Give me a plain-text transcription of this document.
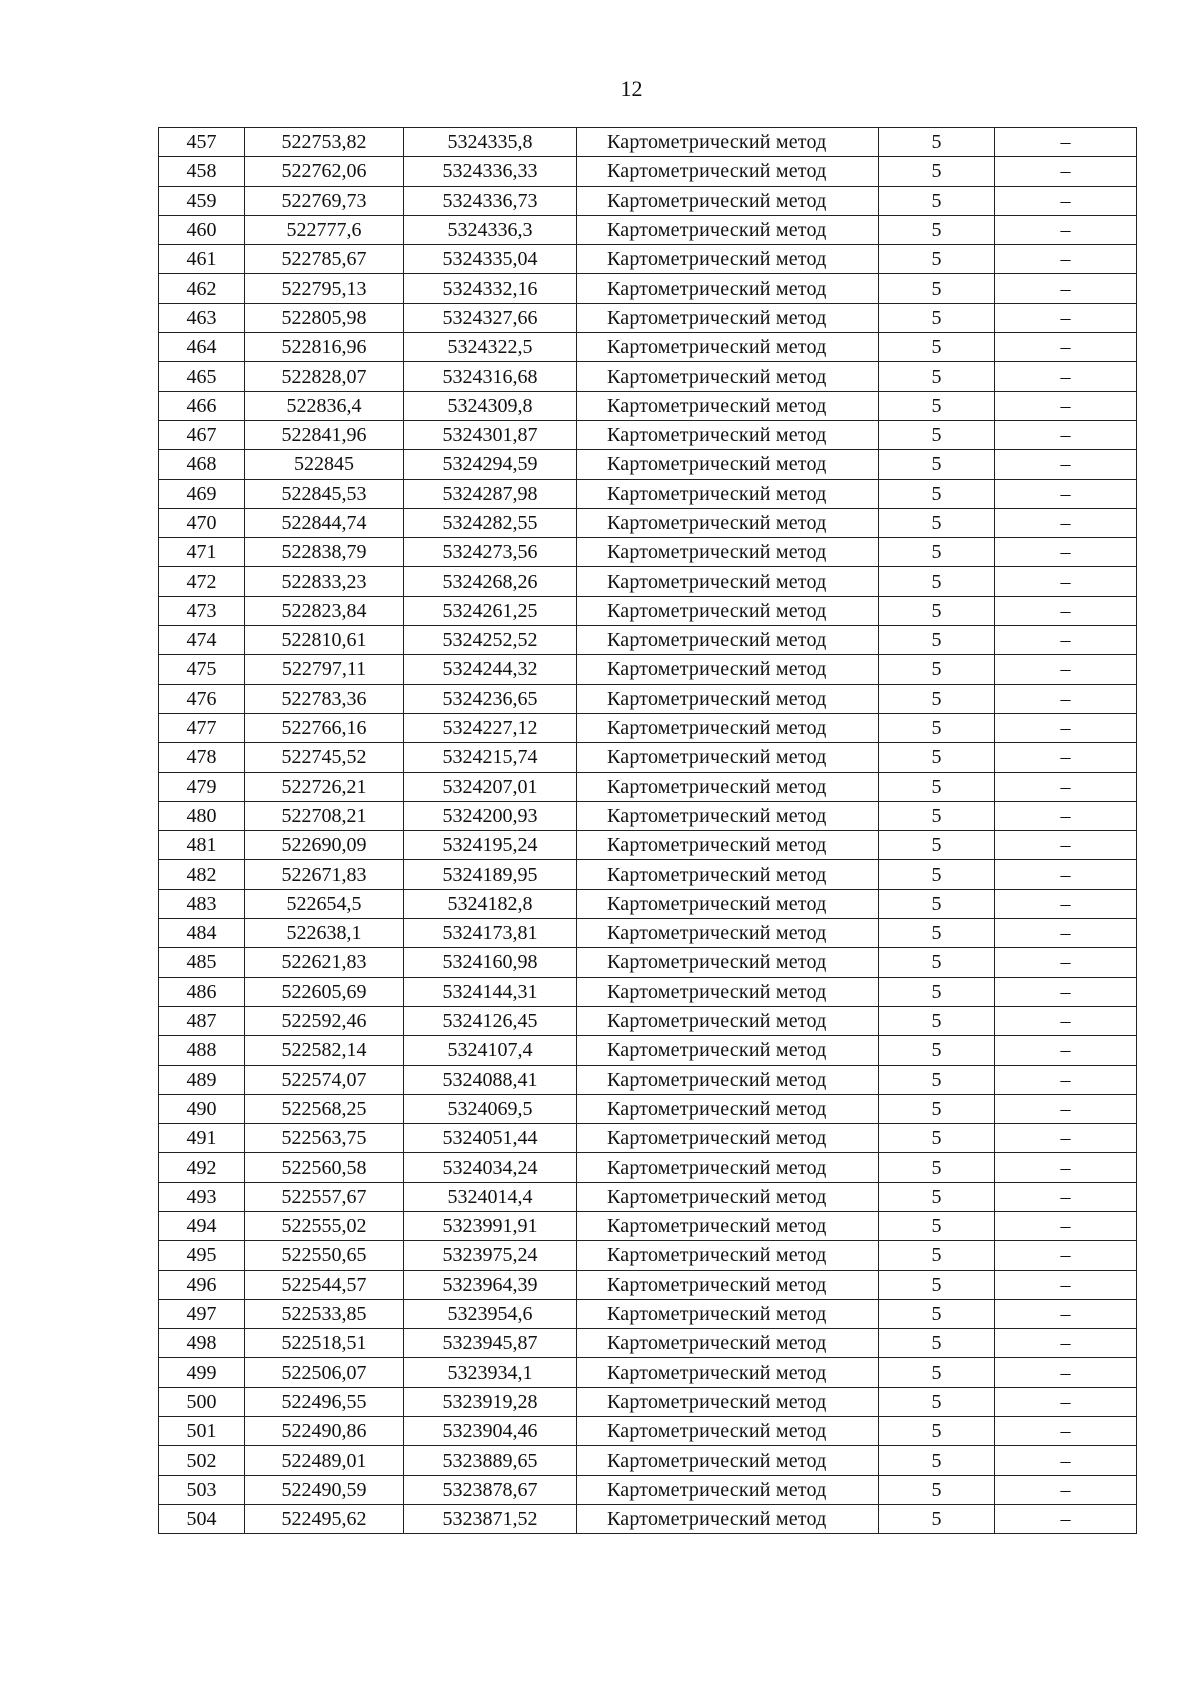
12
457	522753,82	5324335,8	Картометрический метод	5	–
458	522762,06	5324336,33	Картометрический метод	5	–
459	522769,73	5324336,73	Картометрический метод	5	–
460	522777,6	5324336,3	Картометрический метод	5	–
461	522785,67	5324335,04	Картометрический метод	5	–
462	522795,13	5324332,16	Картометрический метод	5	–
463	522805,98	5324327,66	Картометрический метод	5	–
464	522816,96	5324322,5	Картометрический метод	5	–
465	522828,07	5324316,68	Картометрический метод	5	–
466	522836,4	5324309,8	Картометрический метод	5	–
467	522841,96	5324301,87	Картометрический метод	5	–
468	522845	5324294,59	Картометрический метод	5	–
469	522845,53	5324287,98	Картометрический метод	5	–
470	522844,74	5324282,55	Картометрический метод	5	–
471	522838,79	5324273,56	Картометрический метод	5	–
472	522833,23	5324268,26	Картометрический метод	5	–
473	522823,84	5324261,25	Картометрический метод	5	–
474	522810,61	5324252,52	Картометрический метод	5	–
475	522797,11	5324244,32	Картометрический метод	5	–
476	522783,36	5324236,65	Картометрический метод	5	–
477	522766,16	5324227,12	Картометрический метод	5	–
478	522745,52	5324215,74	Картометрический метод	5	–
479	522726,21	5324207,01	Картометрический метод	5	–
480	522708,21	5324200,93	Картометрический метод	5	–
481	522690,09	5324195,24	Картометрический метод	5	–
482	522671,83	5324189,95	Картометрический метод	5	–
483	522654,5	5324182,8	Картометрический метод	5	–
484	522638,1	5324173,81	Картометрический метод	5	–
485	522621,83	5324160,98	Картометрический метод	5	–
486	522605,69	5324144,31	Картометрический метод	5	–
487	522592,46	5324126,45	Картометрический метод	5	–
488	522582,14	5324107,4	Картометрический метод	5	–
489	522574,07	5324088,41	Картометрический метод	5	–
490	522568,25	5324069,5	Картометрический метод	5	–
491	522563,75	5324051,44	Картометрический метод	5	–
492	522560,58	5324034,24	Картометрический метод	5	–
493	522557,67	5324014,4	Картометрический метод	5	–
494	522555,02	5323991,91	Картометрический метод	5	–
495	522550,65	5323975,24	Картометрический метод	5	–
496	522544,57	5323964,39	Картометрический метод	5	–
497	522533,85	5323954,6	Картометрический метод	5	–
498	522518,51	5323945,87	Картометрический метод	5	–
499	522506,07	5323934,1	Картометрический метод	5	–
500	522496,55	5323919,28	Картометрический метод	5	–
501	522490,86	5323904,46	Картометрический метод	5	–
502	522489,01	5323889,65	Картометрический метод	5	–
503	522490,59	5323878,67	Картометрический метод	5	–
504	522495,62	5323871,52	Картометрический метод	5	–
